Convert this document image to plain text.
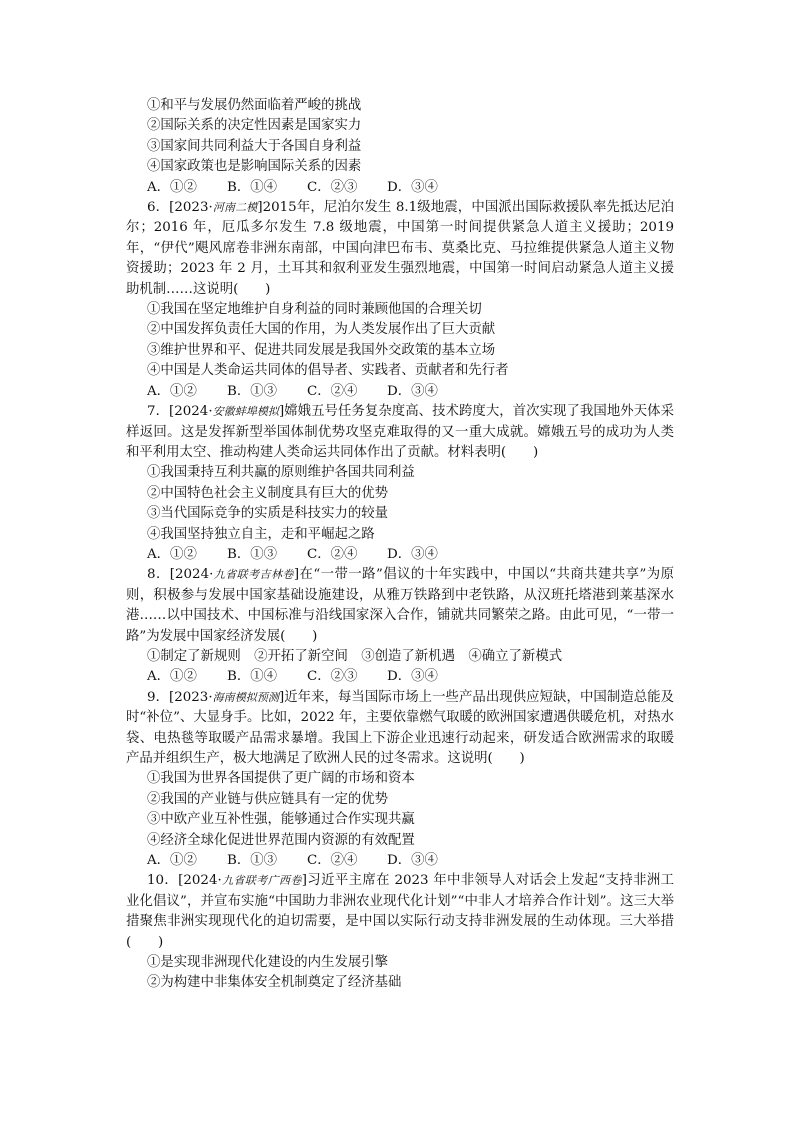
①和平与发展仍然面临着严峻的挑战
②国际关系的决定性因素是国家实力
③国家间共同利益大于各国自身利益
④国家政策也是影响国际关系的因素
A．①② B．①④ C．②③ D．③④
6．[2023·河南二模]2015年，尼泊尔发生 8.1级地震，中国派出国际救援队率先抵达尼泊尔；2016 年，厄瓜多尔发生 7.8 级地震，中国第一时间提供紧急人道主义援助；2019 年，“伊代”飓风席卷非洲东南部，中国向津巴布韦、莫桑比克、马拉维提供紧急人道主义物资援助；2023 年 2 月，土耳其和叙利亚发生强烈地震，中国第一时间启动紧急人道主义援助机制……这说明(　　)
①我国在坚定地维护自身利益的同时兼顾他国的合理关切
②中国发挥负责任大国的作用，为人类发展作出了巨大贡献
③维护世界和平、促进共同发展是我国外交政策的基本立场
④中国是人类命运共同体的倡导者、实践者、贡献者和先行者
A．①② B．①③ C．②④ D．③④
7．[2024·安徽蚌埠模拟]嫦娥五号任务复杂度高、技术跨度大，首次实现了我国地外天体采样返回。这是发挥新型举国体制优势攻坚克难取得的又一重大成就。嫦娥五号的成功为人类和平利用太空、推动构建人类命运共同体作出了贡献。材料表明(　　)
①我国秉持互利共赢的原则维护各国共同利益
②中国特色社会主义制度具有巨大的优势
③当代国际竞争的实质是科技实力的较量
④我国坚持独立自主，走和平崛起之路
A．①② B．①③ C．②④ D．③④
8．[2024·九省联考吉林卷]在“一带一路”倡议的十年实践中，中国以“共商共建共享”为原则，积极参与发展中国家基础设施建设，从雅万铁路到中老铁路，从汉班托塔港到莱基深水港……以中国技术、中国标准与沿线国家深入合作，铺就共同繁荣之路。由此可见，“一带一路”为发展中国家经济发展(　　)
①制定了新规则　②开拓了新空间　③创造了新机遇　④确立了新模式
A．①② B．①④ C．②③ D．③④
9．[2023·海南模拟预测]近年来，每当国际市场上一些产品出现供应短缺，中国制造总能及时“补位”、大显身手。比如，2022 年，主要依靠燃气取暖的欧洲国家遭遇供暖危机，对热水袋、电热毯等取暖产品需求暴增。我国上下游企业迅速行动起来，研发适合欧洲需求的取暖产品并组织生产，极大地满足了欧洲人民的过冬需求。这说明(　　)
①我国为世界各国提供了更广阔的市场和资本
②我国的产业链与供应链具有一定的优势
③中欧产业互补性强，能够通过合作实现共赢
④经济全球化促进世界范围内资源的有效配置
A．①② B．①③ C．②④ D．③④
10．[2024·九省联考广西卷]习近平主席在 2023 年中非领导人对话会上发起“支持非洲工业化倡议”，并宣布实施“中国助力非洲农业现代化计划”“中非人才培养合作计划”。这三大举措聚焦非洲实现现代化的迫切需要，是中国以实际行动支持非洲发展的生动体现。三大举措(　　)
①是实现非洲现代化建设的内生发展引擎
②为构建中非集体安全机制奠定了经济基础
